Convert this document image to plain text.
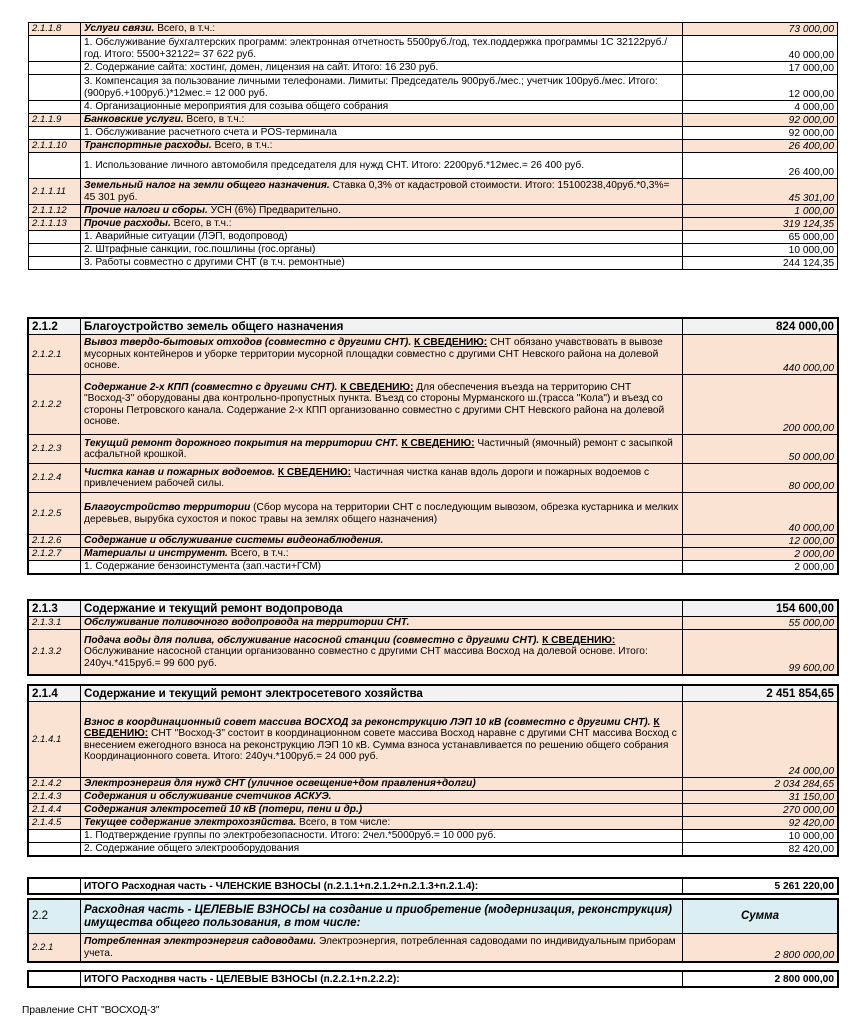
2.1.1.8	Услуги связи. Всего, в т.ч.:	73 000,00
	1. Обслуживание бухгалтерских программ: электронная отчетность 5500руб./год, тех.поддержка программы 1С 32122руб./год. Итого: 5500+32122= 37 622 руб.	40 000,00
	2. Содержание сайта: хостинг, домен, лицензия на сайт. Итого: 16 230 руб.	17 000,00
	3. Компенсация за пользование личными телефонами. Лимиты: Председатель 900руб./мес.; учетчик 100руб./мес. Итого: (900руб.+100руб.)*12мес.= 12 000 руб.	12 000,00
	4. Организационные мероприятия для созыва общего собрания	4 000,00
2.1.1.9	Банковские услуги. Всего, в т.ч.:	92 000,00
	1. Обслуживание расчетного счета и POS-терминала	92 000,00
2.1.1.10	Транспортные расходы. Всего, в т.ч.:	26 400,00
	1. Использование личного автомобиля председателя для нужд СНТ. Итого: 2200руб.*12мес.= 26 400 руб.	26 400,00
2.1.1.11	Земельный налог на земли общего назначения. Ставка 0,3% от кадастровой стоимости. Итого: 15100238,40руб.*0,3%= 45 301 руб.	45 301,00
2.1.1.12	Прочие налоги и сборы. УСН (6%) Предварительно.	1 000,00
2.1.1.13	Прочие расходы. Всего, в т.ч.:	319 124,35
	1. Аварийные ситуации (ЛЭП, водопровод)	65 000,00
	2. Штрафные санкции, гос.пошлины (гос.органы)	10 000,00
	3. Работы совместно с другими СНТ (в т.ч. ремонтные)	244 124,35
2.1.2	Благоустройство земель общего назначения	824 000,00
2.1.2.1	Вывоз твердо-бытовых отходов (совместно с другими СНТ). К СВЕДЕНИЮ: СНТ обязано учавствовать в вывозе мусорных контейнеров и уборке территории мусорной площадки совместно с другими СНТ Невского района на долевой основе.	440 000,00
2.1.2.2	Содержание 2-х КПП (совместно с другими СНТ). К СВЕДЕНИЮ: Для обеспечения въезда на территорию СНТ "Восход-3" оборудованы два контрольно-пропустных пункта. Въезд со стороны Мурманского ш.(трасса "Кола") и въезд со стороны Петровского канала. Содержание 2-х КПП организованно совместно с другими СНТ Невского района на долевой основе.	200 000,00
2.1.2.3	Текущий ремонт дорожного покрытия на территории СНТ. К СВЕДЕНИЮ: Частичный (ямочный) ремонт с засыпкой асфальтной крошкой.	50 000,00
2.1.2.4	Чистка канав и пожарных водоемов. К СВЕДЕНИЮ: Частичная чистка канав вдоль дороги и пожарных водоемов с привлечением рабочей силы.	80 000,00
2.1.2.5	Благоустройство территории (Сбор мусора на территории СНТ с последующим вывозом, обрезка кустарника и мелких деревьев, вырубка сухостоя и покос травы на землях общего назначения)	40 000,00
2.1.2.6	Содержание и обслуживание системы видеонаблюдения.	12 000,00
2.1.2.7	Материалы и инструмент. Всего, в т.ч.:	2 000,00
	1. Содержание бензоинстумента (зап.части+ГСМ)	2 000,00
2.1.3	Содержание и текущий ремонт водопровода	154 600,00
2.1.3.1	Обслуживание поливочного водопровода на территории СНТ.	55 000,00
2.1.3.2	Подача воды для полива, обслуживание насосной станции (совместно с другими СНТ). К СВЕДЕНИЮ: Обслуживание насосной станции организованно совместно с другими СНТ массива Восход на долевой основе. Итого: 240уч.*415руб.= 99 600 руб.	99 600,00
2.1.4	Содержание и текущий ремонт электросетевого хозяйства	2 451 854,65
2.1.4.1	Взнос в координационный совет массива ВОСХОД за реконструкцию ЛЭП 10 кВ (совместно с другими СНТ). К СВЕДЕНИЮ: СНТ "Восход-3" состоит в координационном совете массива Восход наравне с другими СНТ массива Восход с внесением ежегодного взноса на реконструкцию ЛЭП 10 кВ. Сумма взноса устанавливается по решению общего собрания Координационного совета. Итого: 240уч.*100руб.= 24 000 руб.	24 000,00
2.1.4.2	Электроэнергия для нужд СНТ (уличное освещение+дом правления+долги)	2 034 284,65
2.1.4.3	Содержания и обслуживание счетчиков АСКУЭ.	31 150,00
2.1.4.4	Содержания электросетей 10 кВ (потери, пени и др.)	270 000,00
2.1.4.5	Текущее содержание электрохозяйства. Всего, в том числе:	92 420,00
	1. Подтверждение группы по электробезопасности. Итого: 2чел.*5000руб.= 10 000 руб.	10 000,00
	2. Содержание общего электрооборудования	82 420,00
	ИТОГО Расходная часть - ЧЛЕНСКИЕ ВЗНОСЫ (п.2.1.1+п.2.1.2+п.2.1.3+п.2.1.4):	5 261 220,00
2.2	Расходная часть - ЦЕЛЕВЫЕ ВЗНОСЫ на создание и приобретение (модернизация, реконструкция) имущества общего пользования, в том числе:	Сумма
2.2.1	Потребленная электроэнергия садоводами. Электроэнергия, потребленная садоводами по индивидуальным приборам учета.	2 800 000,00
	ИТОГО Расходнвя часть - ЦЕЛЕВЫЕ ВЗНОСЫ (п.2.2.1+п.2.2.2):	2 800 000,00
Правление СНТ "ВОСХОД-3"
